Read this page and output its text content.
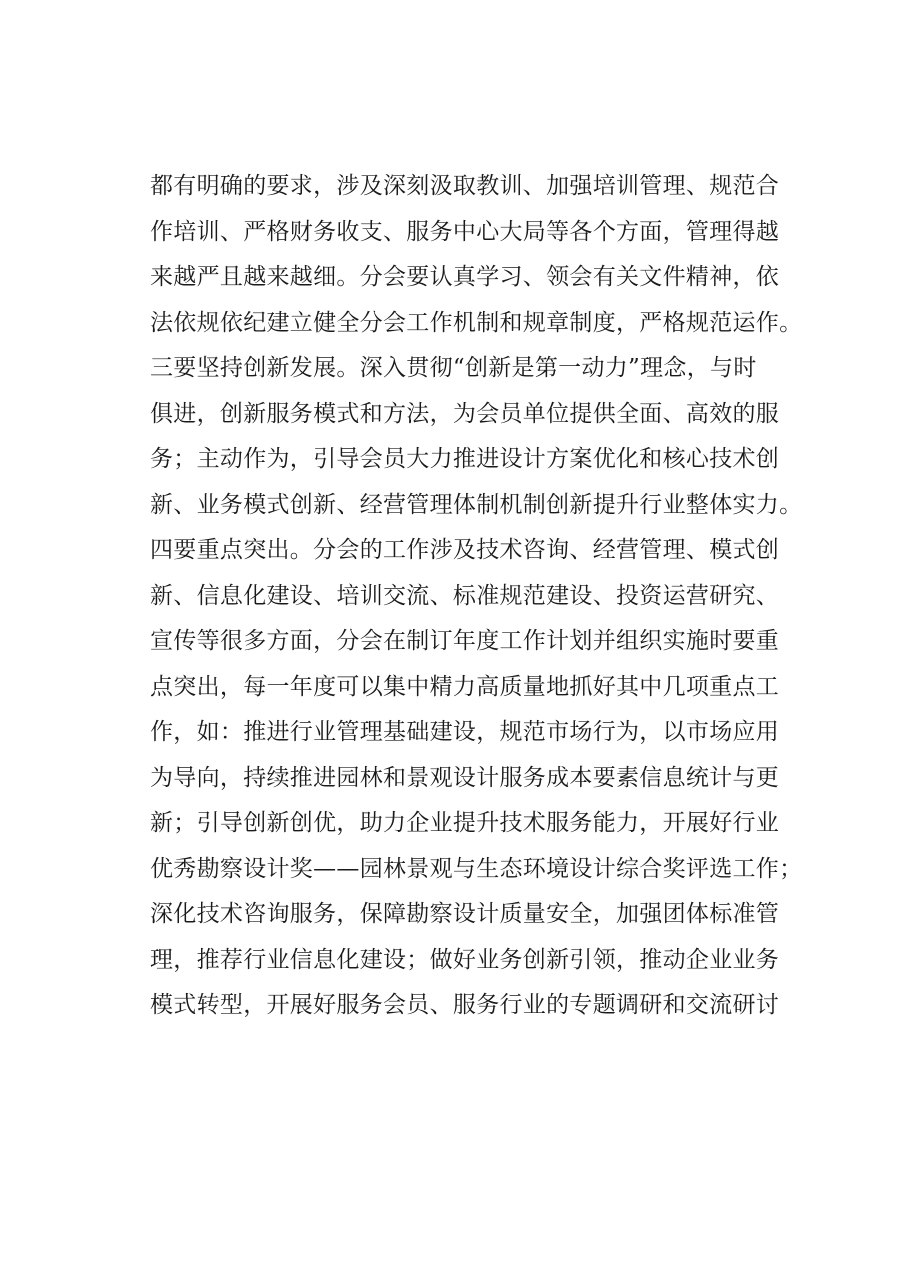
都有明确的要求，涉及深刻汲取教训、加强培训管理、规范合
作培训、严格财务收支、服务中心大局等各个方面，管理得越
来越严且越来越细。分会要认真学习、领会有关文件精神，依
法依规依纪建立健全分会工作机制和规章制度，严格规范运作。
三要坚持创新发展。深入贯彻“创新是第一动力”理念，与时
俱进，创新服务模式和方法，为会员单位提供全面、高效的服
务；主动作为，引导会员大力推进设计方案优化和核心技术创
新、业务模式创新、经营管理体制机制创新提升行业整体实力。
四要重点突出。分会的工作涉及技术咨询、经营管理、模式创
新、信息化建设、培训交流、标准规范建设、投资运营研究、
宣传等很多方面，分会在制订年度工作计划并组织实施时要重
点突出，每一年度可以集中精力高质量地抓好其中几项重点工
作，如：推进行业管理基础建设，规范市场行为，以市场应用
为导向，持续推进园林和景观设计服务成本要素信息统计与更
新；引导创新创优，助力企业提升技术服务能力，开展好行业
优秀勘察设计奖——园林景观与生态环境设计综合奖评选工作；
深化技术咨询服务，保障勘察设计质量安全，加强团体标准管
理，推荐行业信息化建设；做好业务创新引领，推动企业业务
模式转型，开展好服务会员、服务行业的专题调研和交流研讨
